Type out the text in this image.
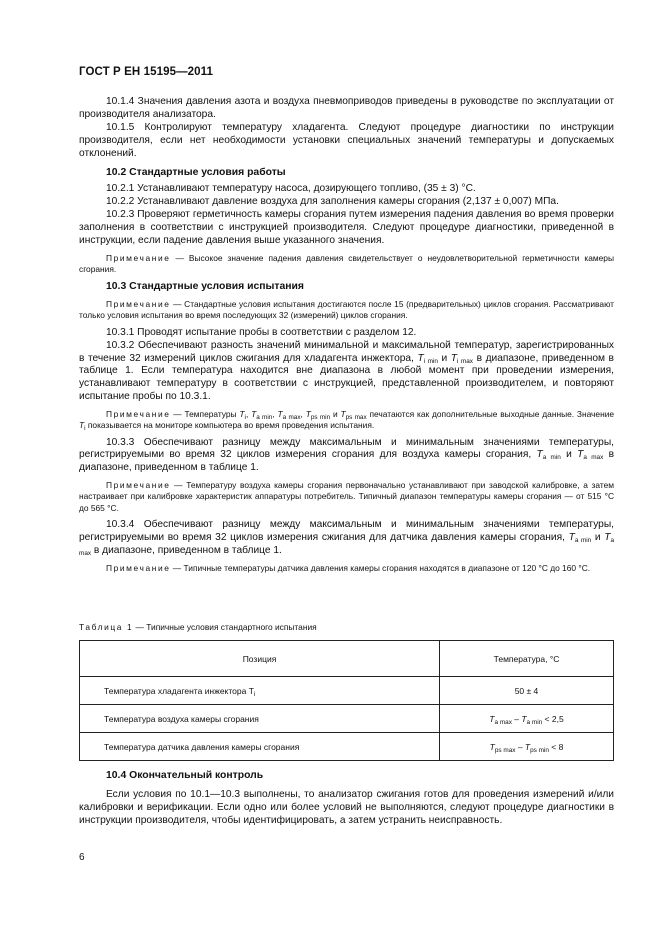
ГОСТ Р ЕН 15195—2011

10.1.4 Значения давления азота и воздуха пневмоприводов приведены в руководстве по эксплуатации от производителя анализатора.

10.1.5 Контролируют температуру хладагента. Следуют процедуре диагностики по инструкции производителя, если нет необходимости установки специальных значений температуры и допускаемых отклонений.

10.2 Стандартные условия работы

10.2.1 Устанавливают температуру насоса, дозирующего топливо, (35 ± 3) °С.

10.2.2 Устанавливают давление воздуха для заполнения камеры сгорания (2,137 ± 0,007) МПа.

10.2.3 Проверяют герметичность камеры сгорания путем измерения падения давления во время проверки заполнения в соответствии с инструкцией производителя. Следуют процедуре диагностики, приведенной в инструкции, если падение давления выше указанного значения.

Примечание — Высокое значение падения давления свидетельствует о неудовлетворительной герметичности камеры сгорания.
10.3 Стандартные условия испытания
Примечание — Стандартные условия испытания достигаются после 15 (предварительных) циклов сгорания. Рассматривают только условия испытания во время последующих 32 (измерений) циклов сгорания.

10.3.1 Проводят испытание пробы в соответствии с разделом 12.

10.3.2 Обеспечивают разность значений минимальной и максимальной температур, зарегистрированных в течение 32 измерений циклов сжигания для хладагента инжектора, $T_{i min}$ и $T_{i max}$ в диапазоне, приведенном в таблице 1. Если температура находится вне диапазона в любой момент при проведении измерения, устанавливают температуру в соответствии с инструкцией, представленной производителем, и повторяют испытание пробы по 10.3.1.

Примечание — Температуры $T_i$, $T_{a min}$, $T_{a max}$, $T_{ps min}$ и $T_{ps max}$ печатаются как дополнительные выходные данные. Значение $T_i$ показывается на мониторе компьютера во время проведения испытания.

10.3.3 Обеспечивают разницу между максимальным и минимальным значениями температуры, регистрируемыми во время 32 циклов измерения сгорания для воздуха камеры сгорания, $T_{a min}$ и $T_{a max}$ в диапазоне, приведенном в таблице 1.

Примечание — Температуру воздуха камеры сгорания первоначально устанавливают при заводской калибровке, а затем настраивает при калибровке характеристик аппаратуры потребитель. Типичный диапазон температуры камеры сгорания — от 515 °С до 565 °С.

10.3.4 Обеспечивают разницу между максимальным и минимальным значениями температуры, регистрируемыми во время 32 циклов измерения сжигания для датчика давления камеры сгорания, $T_{a min}$ и $T_{a max}$ в диапазоне, приведенном в таблице 1.

Примечание — Типичные температуры датчика давления камеры сгорания находятся в диапазоне от 120 °С до 160 °С.
Таблица 1 — Типичные условия стандартного испытания
Позиция	Температура, °С
Температура хладагента инжектора $T_i$	50 ± 4
Температура воздуха камеры сгорания	$T_{a max} - T_{a min} < 2,5$
Температура датчика давления камеры сгорания	$T_{ps max} - T_{ps min} < 8$
10.4 Окончательный контроль
Если условия по 10.1—10.3 выполнены, то анализатор сжигания готов для проведения измерений и/или калибровки и верификации. Если одно или более условий не выполняются, следуют процедуре диагностики в инструкции производителя, чтобы идентифицировать, а затем устранить неисправность.
6
